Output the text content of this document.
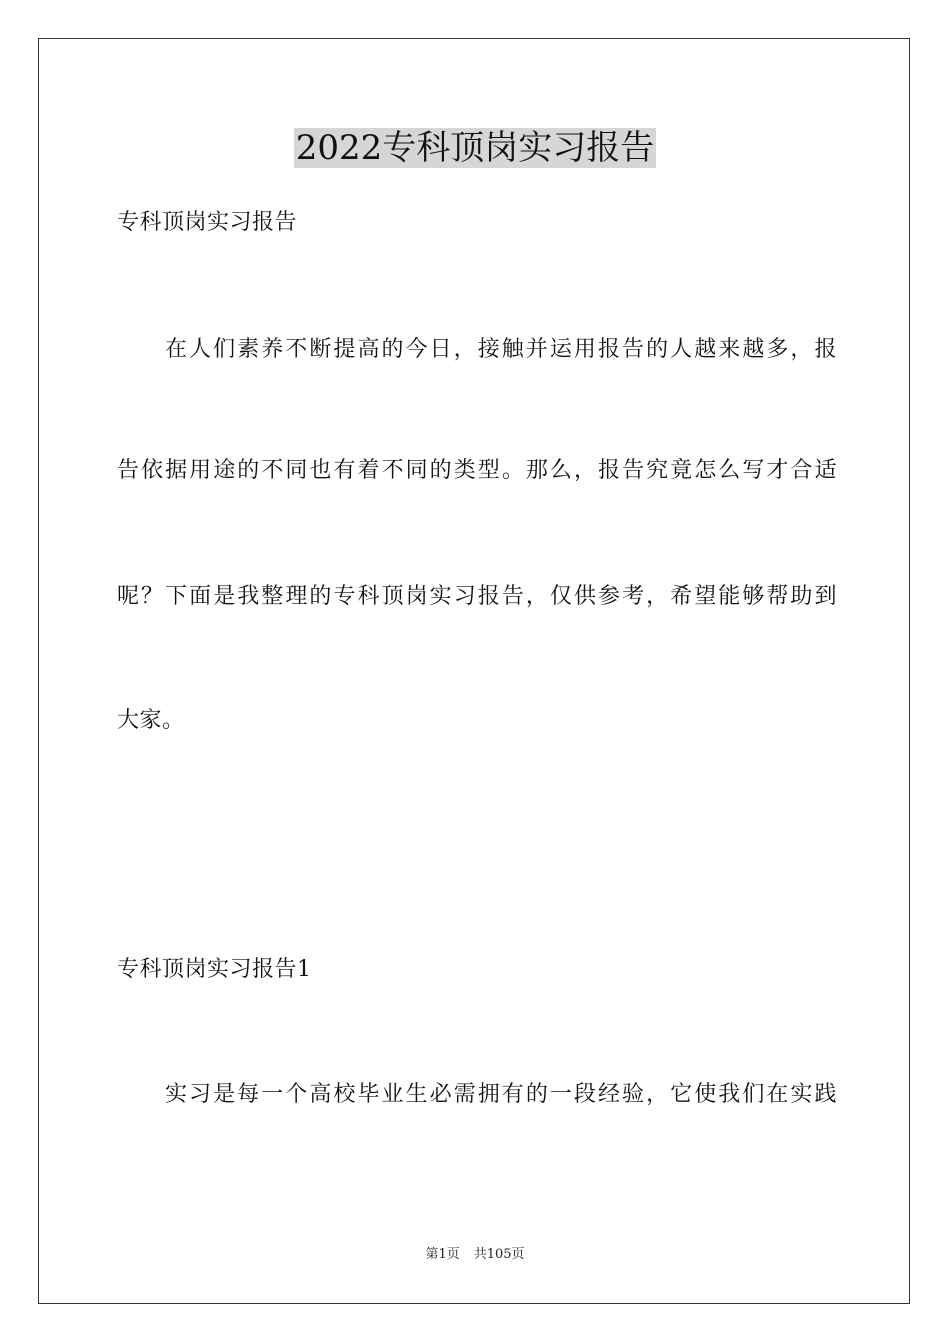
2022专科顶岗实习报告

专科顶岗实习报告

在人们素养不断提高的今日，接触并运用报告的人越来越多，报

告依据用途的不同也有着不同的类型。那么，报告究竟怎么写才合适

呢？下面是我整理的专科顶岗实习报告，仅供参考，希望能够帮助到

大家。

专科顶岗实习报告1

实习是每一个高校毕业生必需拥有的一段经验，它使我们在实践

第1页 共105页
